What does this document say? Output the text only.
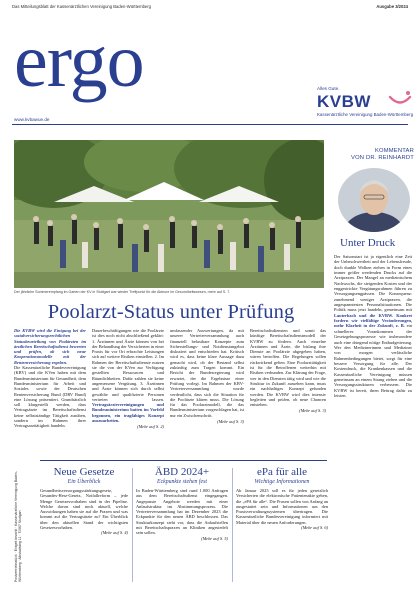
Das Mitteilungsblatt der Kassenärztlichen Vereinigung Baden-Württemberg	Ausgabe 3/2024
ergo
www.kvbawue.de
Alles Gute.
KVBW
Kassenärztliche Vereinigung Baden-Württemberg
Der jährliche Sommerempfang im Garten der KV in Stuttgart war wieder Treffpunkt für die Akteure im Gesundheitswesen, mehr auf S. 7.
KOMMENTAR
VON DR. REINHARDT
Unter Druck
Der Saisonstart ist ja eigentlich eine Zeit der Unbeschwertheit und der Lebensfreude, doch dunkle Wolken ziehen in Form eines immer größer werdenden Drucks auf die Arztpraxen. Der Mangel an medizinischem Nachwuchs, die steigenden Kosten und der enggestrickte Vergütungsrahmen führen zu Versorgungsengpässen. Die Konsequenz: zunehmend weniger Arztpraxen, die angespanntesten Personalsituationen. Die Politik muss jetzt handeln, gemeinsam mit Lauterbach und die KVBW. Konkret fordern wir vielfältige Veränderungen, mehr Klarheit in der Zukunft, z. B. ein schnelleres Vorankommen der Gesetzgebungsprozesse wie insbesondere auch eine dringend nötige Entbudgetierung. Wer den Medizinerinnen und Mediziner von morgen verlässliche Rahmenbedingungen bietet, sorgt für eine bessere Versorgung für alle. Der Kostendruck, die Krankenkassen und die Kassenärztliche Vereinigung müssen gemeinsam an einem Strang ziehen und die Versorgungsstrukturen verbessern. Die KVBW ist bereit, ihren Beitrag dafür zu leisten.
Poolarzt-Status unter Prüfung
Die KVBW wird die Einigung bei der sozialversicherungsrechtlichen Statusbeurteilung von Poolärzten im ärztlichen Bereitschaftsdienst bewerten und prüfen, ob sich neue Kooperationsmodelle mit der Rentenversicherung ergeben.
Die Kassenärztliche Bundesvereinigung (KBV) und die KVen haben mit dem Bundesministerium für Gesundheit, dem Bundesministerium für Arbeit und Soziales sowie der Deutschen Rentenversicherung Bund (DRV Bund) eine Lösung präsentiert. Grundsätzlich soll klargestellt werden, dass Vertragsärzte im Bereitschaftsdienst keine selbstständige Tätigkeit ausüben, sondern im Rahmen ihrer Vertragsarzttätigkeit handeln.
Dauerbeschäftigungen wie die Poolärzte ist dies noch nicht abschließend geklärt: 1. Ärztinnen und Ärzte können von bei der Behandlung der Versicherten in einer Praxis für vor Ort erbrachte Leistungen sich auf weitere Risiken einstellen. 2. Im Rahmen der Bereitschaftsdienste nutzen sie die von der KVen zur Verfügung gestellten Ressourcen und Räumlichkeiten. Dafür zahlen sie keine angemessene Vergütung. 3. Ärztinnen und Ärzte können sich durch selbst gewählte und qualifizierte Personen vertreten lassen. Vertragsärztevereinigungen und Bundesministerium hatten im Vorfeld begonnen, ein tragfähiges Konzept auszuarbeiten.
(Mehr auf S. 2)
umfassender Auswertungen, da mit unserer Vertreterversammlung auch finanziell belastbare Konzepte zum Sicherstellungs- und Notdienstangebot diskutiert und entschieden hat. Kritisch wird es, dass keine klare Aussage dazu gemacht wird, ob der Bestand selbst zukünftig zum Tragen kommt. Ein Bericht der Bundesregierung wird erwartet, der die Ergebnisse einer Prüfung vorlegt. Im Rahmen der KBV-Vertreterversammlung wurde verdeutlicht, dass sich die Situation für die Poolärzte klären muss. Die Lösung für das Poolarztmodell, die das Bundesministerium vorgeschlagen hat, ist nur ein Zwischenschritt.
(Mehr auf S. 3)
Bereitschaftsdiensten und somit das künftige Bereitschaftsdienstmodell der KVBW zu fördern. Auch einzelne Ärztinnen und Ärzte, die bislang ihre Dienste an Poolärzte abgegeben haben, wären betroffen. Die Regelungen sollen rückwirkend gelten. Eine Poolarzttätigkeit ist für die Betroffenen weiterhin mit Risiken verbunden. Zur Klärung der Frage, wer in den Diensten tätig wird und wie die Struktur in Zukunft aussehen kann, muss ein nachhaltiges Konzept gefunden werden. Die KVBW wird dies intensiv begleiten und prüfen, ob neue Chancen entstehen.
(Mehr auf S. 3)
Postvertriebsstück · Entgelt bezahlt · Kassenärztliche Vereinigung Baden-Württemberg · Albstadtweg 11 · 70567 Stuttgart
Neue Gesetze
Ein Überblick
Gesundheitsversorgungsstärkungsgesetz, Gesundes-Herz-Gesetz, Notfallreform – jede Menge Gesetzesvorhaben sind in der Pipeline. Welche davon sind noch aktuell, welche Auswirkungen haben sie auf die Praxen und was kommt auf die Vertragsärzte zu? Ein Überblick über den aktuellen Stand der wichtigsten Gesetzesvorhaben.
(Mehr auf S. 4)
ÄBD 2024+
Eckpunkte stehen fest
In Baden-Württemberg sind rund 1.000 Anfragen aus dem Bereitschaftsdienst eingegangen. Angepasste Angebote werden mit einer Anlaufstruktur im Abstimmungsprozess. Die Vertreterversammlung hat im Dezember 2023 die Eckpunkte für den neuen ÄBD beschlossen. Das Strukturkonzept sieht vor, dass die Anlaufstellen mit Bereitschaftspraxen an Kliniken angesiedelt sein sollen.
(Mehr auf S. 5)
ePa für alle
Wichtige Informationen
Ab Januar 2025 soll es für jeden gesetzlich Versicherten die elektronische Patientenakte geben, die „ePA für alle“. Die Praxen sollen von Anfang an ausgestattet sein und Informationen aus den Praxisverwaltungssystemen übertragen. Die Kassenärztliche Bundesvereinigung informiert mit Material über die neuen Anforderungen.
(Mehr auf S. 6)
